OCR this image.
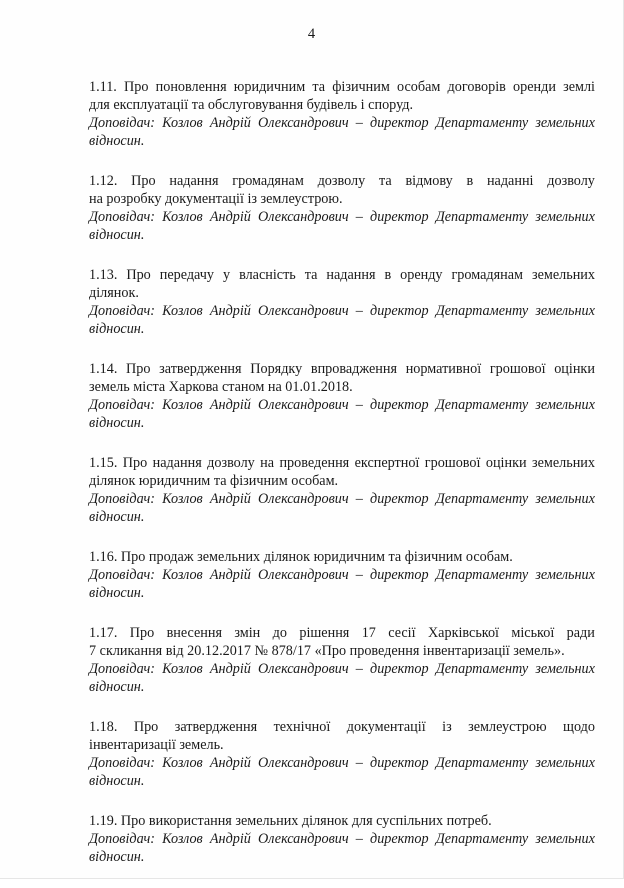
4
1.11. Про поновлення юридичним та фізичним особам договорів оренди землі
для експлуатації та обслуговування будівель і споруд.
Доповідач: Козлов Андрій Олександрович – директор Департаменту земельних
відносин.
1.12. Про надання громадянам дозволу та відмову в наданні дозволу
на розробку документації із землеустрою.
Доповідач: Козлов Андрій Олександрович – директор Департаменту земельних
відносин.
1.13. Про передачу у власність та надання в оренду громадянам земельних
ділянок.
Доповідач: Козлов Андрій Олександрович – директор Департаменту земельних
відносин.
1.14. Про затвердження Порядку впровадження нормативної грошової оцінки
земель міста Харкова станом на 01.01.2018.
Доповідач: Козлов Андрій Олександрович – директор Департаменту земельних
відносин.
1.15. Про надання дозволу на проведення експертної грошової оцінки земельних
ділянок юридичним та фізичним особам.
Доповідач: Козлов Андрій Олександрович – директор Департаменту земельних
відносин.
1.16. Про продаж земельних ділянок юридичним та фізичним особам.
Доповідач: Козлов Андрій Олександрович – директор Департаменту земельних
відносин.
1.17. Про внесення змін до рішення 17 сесії Харківської міської ради
7 скликання від 20.12.2017 № 878/17 «Про проведення інвентаризації земель».
Доповідач: Козлов Андрій Олександрович – директор Департаменту земельних
відносин.
1.18. Про затвердження технічної документації із землеустрою щодо
інвентаризації земель.
Доповідач: Козлов Андрій Олександрович – директор Департаменту земельних
відносин.
1.19. Про використання земельних ділянок для суспільних потреб.
Доповідач: Козлов Андрій Олександрович – директор Департаменту земельних
відносин.
